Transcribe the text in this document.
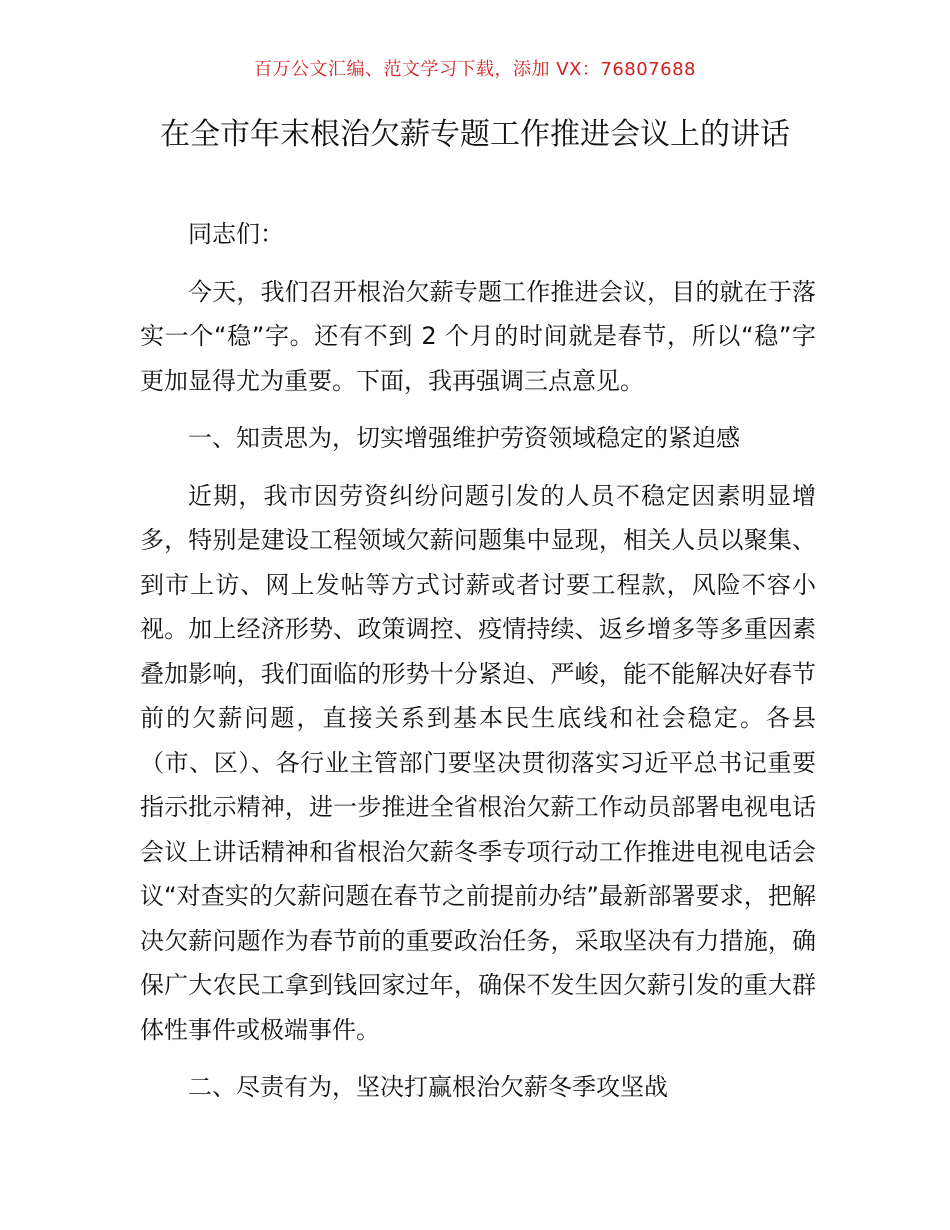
百万公文汇编、范文学习下载，添加 VX：76807688
在全市年末根治欠薪专题工作推进会议上的讲话

同志们：

今天，我们召开根治欠薪专题工作推进会议，目的就在于落实一个“稳”字。还有不到 2 个月的时间就是春节，所以“稳”字更加显得尤为重要。下面，我再强调三点意见。

一、知责思为，切实增强维护劳资领域稳定的紧迫感

近期，我市因劳资纠纷问题引发的人员不稳定因素明显增多，特别是建设工程领域欠薪问题集中显现，相关人员以聚集、到市上访、网上发帖等方式讨薪或者讨要工程款，风险不容小视。加上经济形势、政策调控、疫情持续、返乡增多等多重因素叠加影响，我们面临的形势十分紧迫、严峻，能不能解决好春节前的欠薪问题，直接关系到基本民生底线和社会稳定。各县（市、区）、各行业主管部门要坚决贯彻落实习近平总书记重要指示批示精神，进一步推进全省根治欠薪工作动员部署电视电话会议上讲话精神和省根治欠薪冬季专项行动工作推进电视电话会议“对查实的欠薪问题在春节之前提前办结”最新部署要求，把解决欠薪问题作为春节前的重要政治任务，采取坚决有力措施，确保广大农民工拿到钱回家过年，确保不发生因欠薪引发的重大群体性事件或极端事件。

二、尽责有为，坚决打赢根治欠薪冬季攻坚战
